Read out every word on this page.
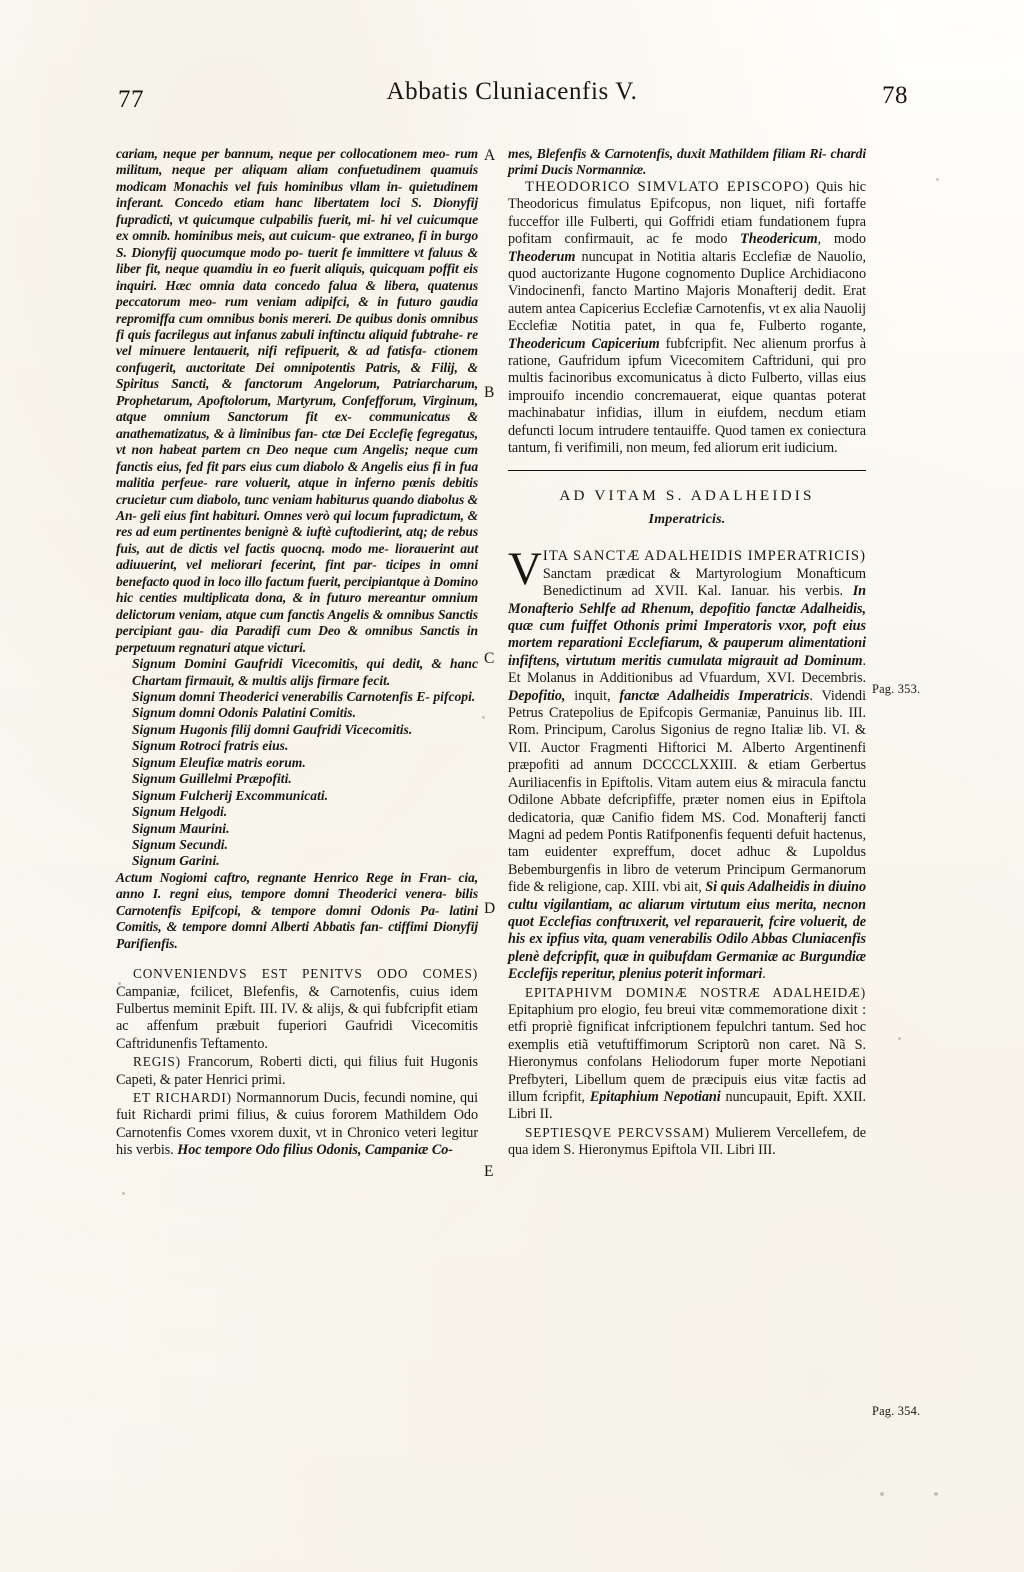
77	Abbatis Cluniacenfis V.	78

cariam, neque per bannum, neque per collocationem meo- rum militum, neque per aliquam aliam confuetudinem quamuis modicam Monachis vel fuis hominibus vllam in- quietudinem inferant. Concedo etiam hanc libertatem loci S. Dionyfij fupradicti, vt quicumque culpabilis fuerit, mi- hi vel cuicumque ex omnib. hominibus meis, aut cuicum- que extraneo, fi in burgo S. Dionyfij quocumque modo po- tuerit fe immittere vt faluus & liber fit, neque quamdiu in eo fuerit aliquis, quicquam poffit eis inquiri. Hæc omnia data concedo falua & libera, quatenus peccatorum meo- rum veniam adipifci, & in futuro gaudia repromiffa cum omnibus bonis mereri. De quibus donis omnibus fi quis facrilegus aut infanus zabuli inftinctu aliquid fubtrahe- re vel minuere lentauerit, nifi refipuerit, & ad fatisfa- ctionem confugerit, auctoritate Dei omnipotentis Patris, & Filij, & Spiritus Sancti, & fanctorum Angelorum, Patriarcharum, Prophetarum, Apoftolorum, Martyrum, Confefforum, Virginum, atque omnium Sanctorum fit ex- communicatus & anathematizatus, & à liminibus fan- ctæ Dei Ecclefię fegregatus, vt non habeat partem cn Deo neque cum Angelis; neque cum fanctis eius, fed fit pars eius cum diabolo & Angelis eius fi in fua malitia perfeue- rare voluerit, atque in inferno pœnis debitis crucietur cum diabolo, tunc veniam habiturus quando diabolus & An- geli eius fint habituri. Omnes verò qui locum fupradictum, & res ad eum pertinentes benignè & iuftè cuftodierint, atq; de rebus fuis, aut de dictis vel factis quocnq. modo me- liorauerint aut adiuuerint, vel meliorari fecerint, fint par- ticipes in omni benefacto quod in loco illo factum fuerit, percipiantque à Domino hic centies multiplicata dona, & in futuro mereantur omnium delictorum veniam, atque cum fanctis Angelis & omnibus Sanctis percipiant gau- dia Paradifi cum Deo & omnibus Sanctis in perpetuum regnaturi atque victuri.

Signum Domini Gaufridi Vicecomitis, qui dedit, & hanc Chartam firmauit, & multis alijs firmare fecit.

Signum domni Theoderici venerabilis Carnotenfis E- pifcopi.

Signum domni Odonis Palatini Comitis.

Signum Hugonis filij domni Gaufridi Vicecomitis.

Signum Rotroci fratris eius.

Signum Eleufiæ matris eorum.

Signum Guillelmi Præpofiti.

Signum Fulcherij Excommunicati.

Signum Helgodi.

Signum Maurini.

Signum Secundi.

Signum Garini.

Actum Nogiomi caftro, regnante Henrico Rege in Fran- cia, anno I. regni eius, tempore domni Theoderici venera- bilis Carnotenfis Epifcopi, & tempore domni Odonis Pa- latini Comitis, & tempore domni Alberti Abbatis fan- ctiffimi Dionyfij Parifienfis.

CONVENIENDVS EST PENITVS ODO COMES) Campaniæ, fcilicet, Blefenfis, & Carnotenfis, cuius idem Fulbertus meminit Epift. III. IV. & alijs, & qui fubfcripfit etiam ac affenfum præbuit fuperiori Gaufridi Vicecomitis Caftridunenfis Teftamento.

REGIS) Francorum, Roberti dicti, qui filius fuit Hugonis Capeti, & pater Henrici primi.

ET RICHARDI) Normannorum Ducis, fecundi nomine, qui fuit Richardi primi filius, & cuius fororem Mathildem Odo Carnotenfis Comes vxorem duxit, vt in Chronico veteri legitur his verbis. Hoc tempore Odo filius Odonis, Campaniæ Co-

mes, Blefenfis & Carnotenfis, duxit Mathildem filiam Ri- chardi primi Ducis Normanniæ.

THEODORICO SIMVLATO EPISCOPO) Quis hic Theodoricus fimulatus Epifcopus, non liquet, nifi fortaffe fucceffor ille Fulberti, qui Goffridi etiam fundationem fupra pofitam confirmauit, ac fe modo Theodericum, modo Theoderum nuncupat in Notitia altaris Ecclefiæ de Nauolio, quod auctorizante Hugone cognomento Duplice Archidiacono Vindocinenfi, fancto Martino Majoris Monafterij dedit. Erat autem antea Capicerius Ecclefiæ Carnotenfis, vt ex alia Nauolij Ecclefiæ Notitia patet, in qua fe, Fulberto rogante, Theodericum Capicerium fubfcripfit. Nec alienum prorfus à ratione, Gaufridum ipfum Vicecomitem Caftriduni, qui pro multis facinoribus excomunicatus à dicto Fulberto, villas eius improuifo incendio concremauerat, eique quantas poterat machinabatur infidias, illum in eiufdem, necdum etiam defuncti locum intrudere tentauiffe. Quod tamen ex coniectura tantum, fi verifimili, non meum, fed aliorum erit iudicium.

AD VITAM S. ADALHEIDIS
Imperatricis.

VITA SANCTÆ ADALHEIDIS IMPERATRICIS) Sanctam prædicat & Martyrologium Monafticum Benedictinum ad XVII. Kal. Ianuar. his verbis. In Monafterio Sehlfe ad Rhenum, depofitio fanctæ Adalheidis, quæ cum fuiffet Othonis primi Imperatoris vxor, poft eius mortem reparationi Ecclefiarum, & pauperum alimentationi infiftens, virtutum meritis cumulata migrauit ad Dominum. Et Molanus in Additionibus ad Vfuardum, XVI. Decembris. Depofitio, inquit, fanctæ Adalheidis Imperatricis. Videndi Petrus Cratepolius de Epifcopis Germaniæ, Panuinus lib. III. Rom. Principum, Carolus Sigonius de regno Italiæ lib. VI. & VII. Auctor Fragmenti Hiftorici M. Alberto Argentinenfi præpofiti ad annum DCCCCLXXIII. & etiam Gerbertus Auriliacenfis in Epiftolis. Vitam autem eius & miracula fanctu Odilone Abbate defcripfiffe, præter nomen eius in Epiftola dedicatoria, quæ Canifio fidem MS. Cod. Monafterij fancti Magni ad pedem Pontis Ratifponenfis fequenti defuit hactenus, tam euidenter expreffum, docet adhuc & Lupoldus Bebemburgenfis in libro de veterum Principum Germanorum fide & religione, cap. XIII. vbi ait, Si quis Adalheidis in diuino cultu vigilantiam, ac aliarum virtutum eius merita, necnon quot Ecclefias conftruxerit, vel reparauerit, fcire voluerit, de his ex ipfius vita, quam venerabilis Odilo Abbas Cluniacenfis plenè defcripfit, quæ in quibufdam Germaniæ ac Burgundiæ Ecclefijs reperitur, plenius poterit informari.

EPITAPHIVM DOMINÆ NOSTRÆ ADALHEIDÆ) Epitaphium pro elogio, feu breui vitæ commemoratione dixit : etfi propriè fignificat infcriptionem fepulchri tantum. Sed hoc exemplis etiã vetuftiffimorum Scriptorũ non caret. Nã S. Hieronymus confolans Heliodorum fuper morte Nepotiani Prefbyteri, Libellum quem de præcipuis eius vitæ factis ad illum fcripfit, Epitaphium Nepotiani nuncupauit, Epift. XXII. Libri II.

SEPTIESQVE PERCVSSAM) Mulierem Vercellefem, de qua idem S. Hieronymus Epiftola VII. Libri III.

A
B
C
D
E
Pag. 353.
Pag. 354.
